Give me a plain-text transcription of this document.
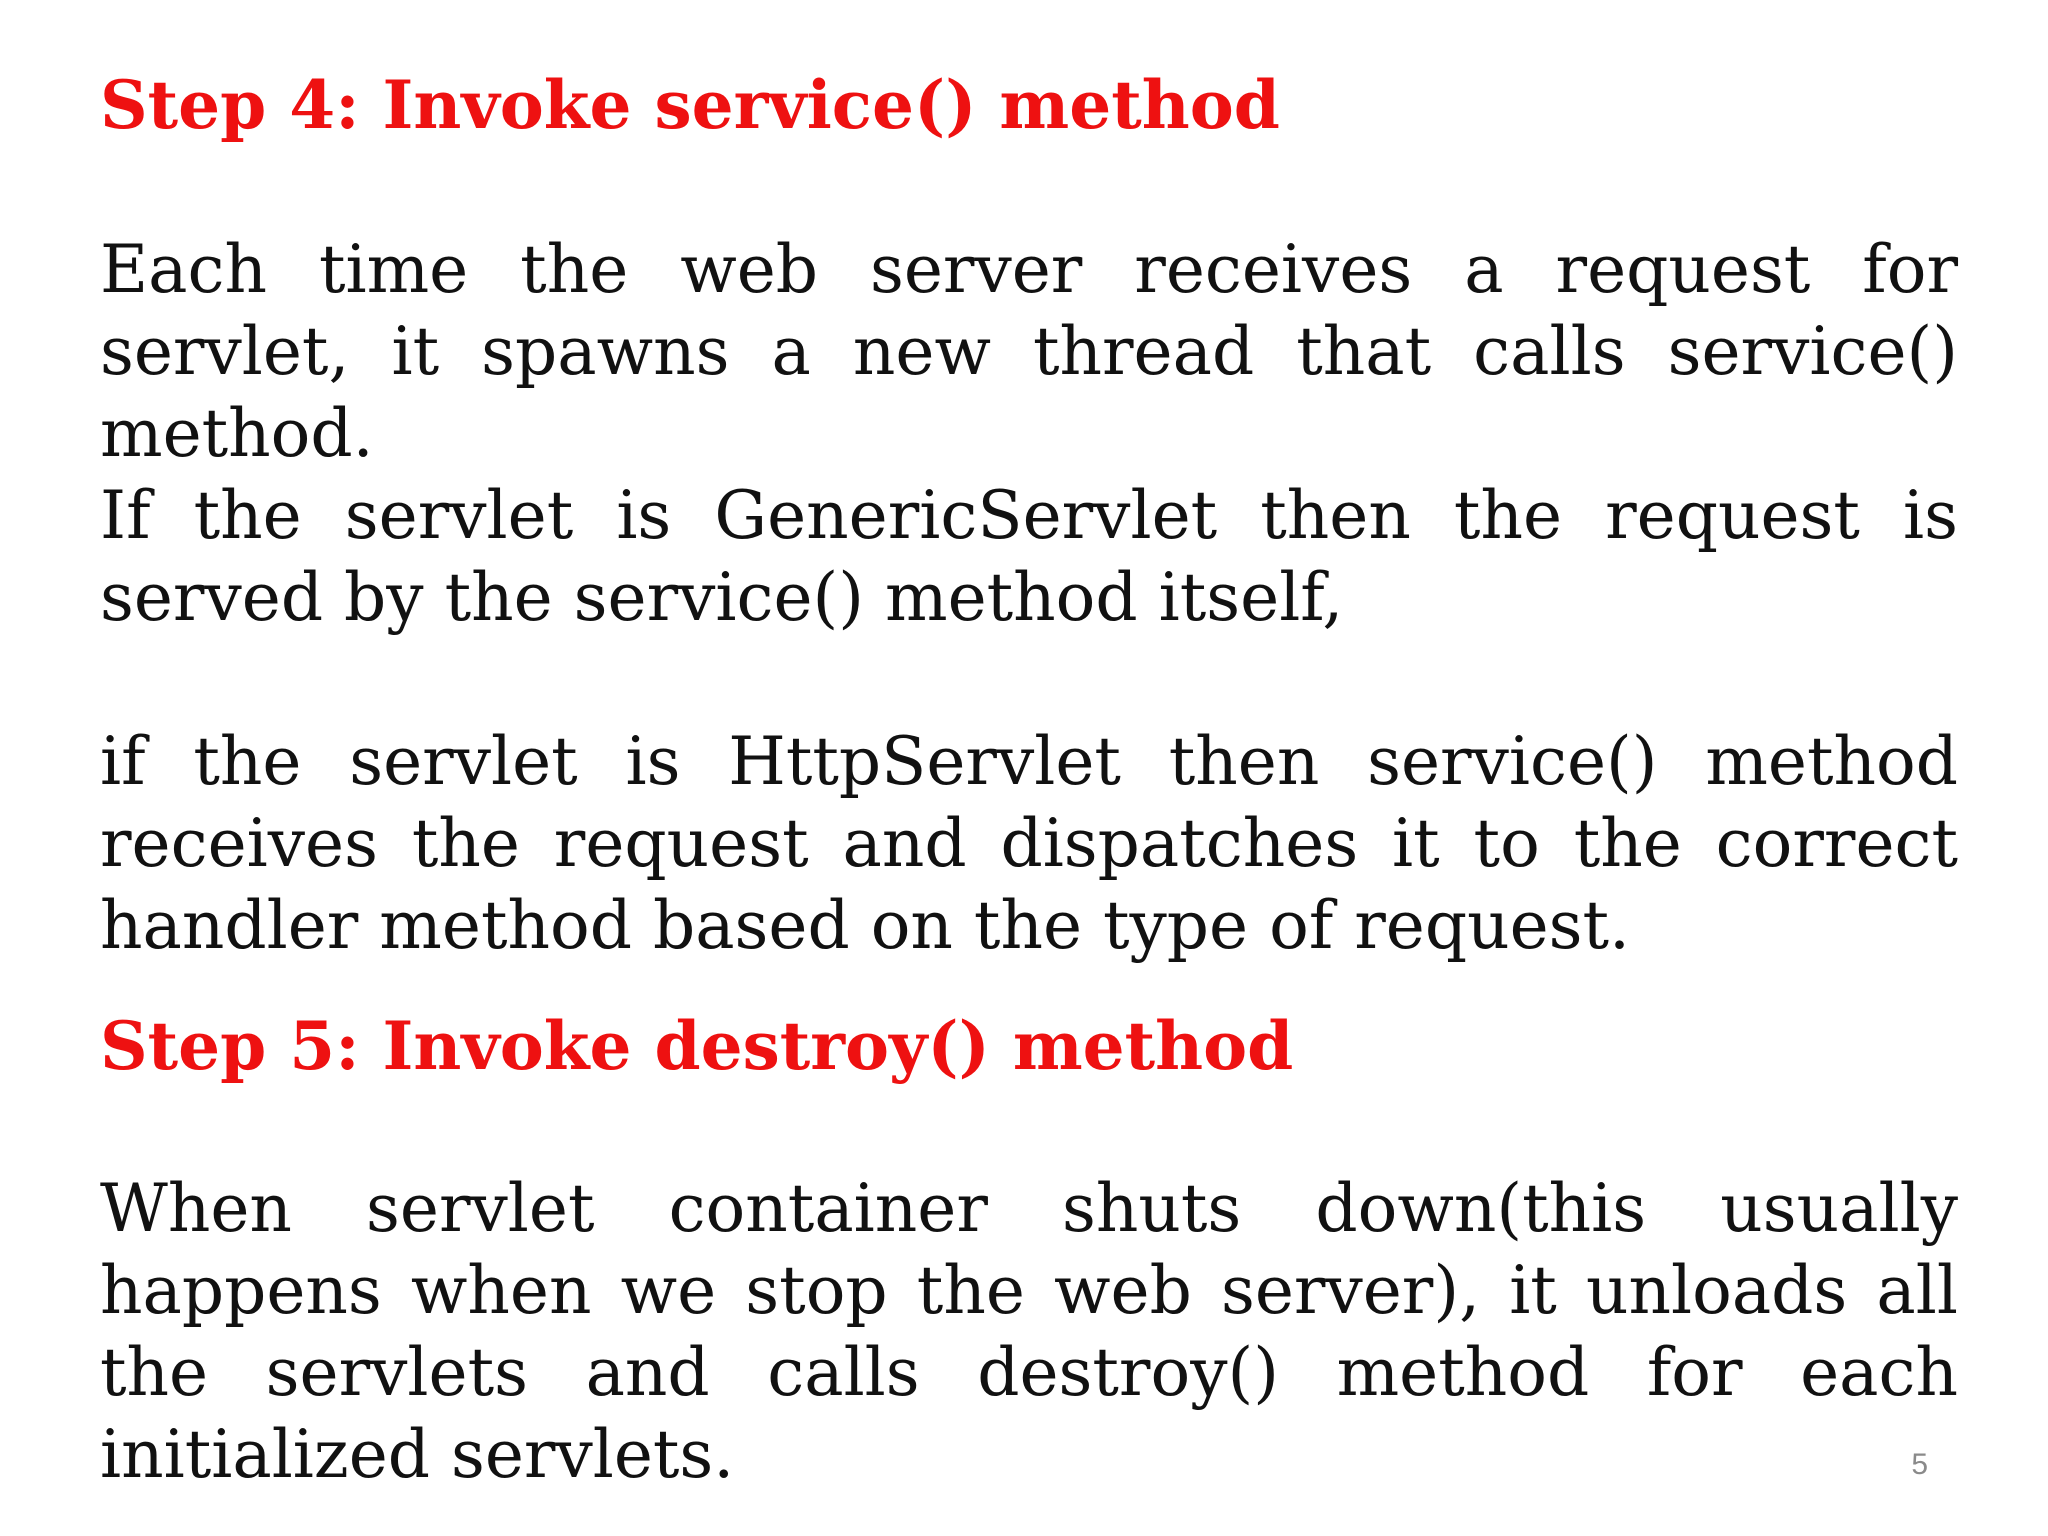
Step 4: Invoke service() method

Each time the web server receives a request for servlet, it spawns a new thread that calls service() method.

If the servlet is GenericServlet then the request is served by the service() method itself,

if the servlet is HttpServlet then service() method receives the request and dispatches it to the correct handler method based on the type of request.

Step 5: Invoke destroy() method

When servlet container shuts down(this usually happens when we stop the web server), it unloads all the servlets and calls destroy() method for each initialized servlets.	5
